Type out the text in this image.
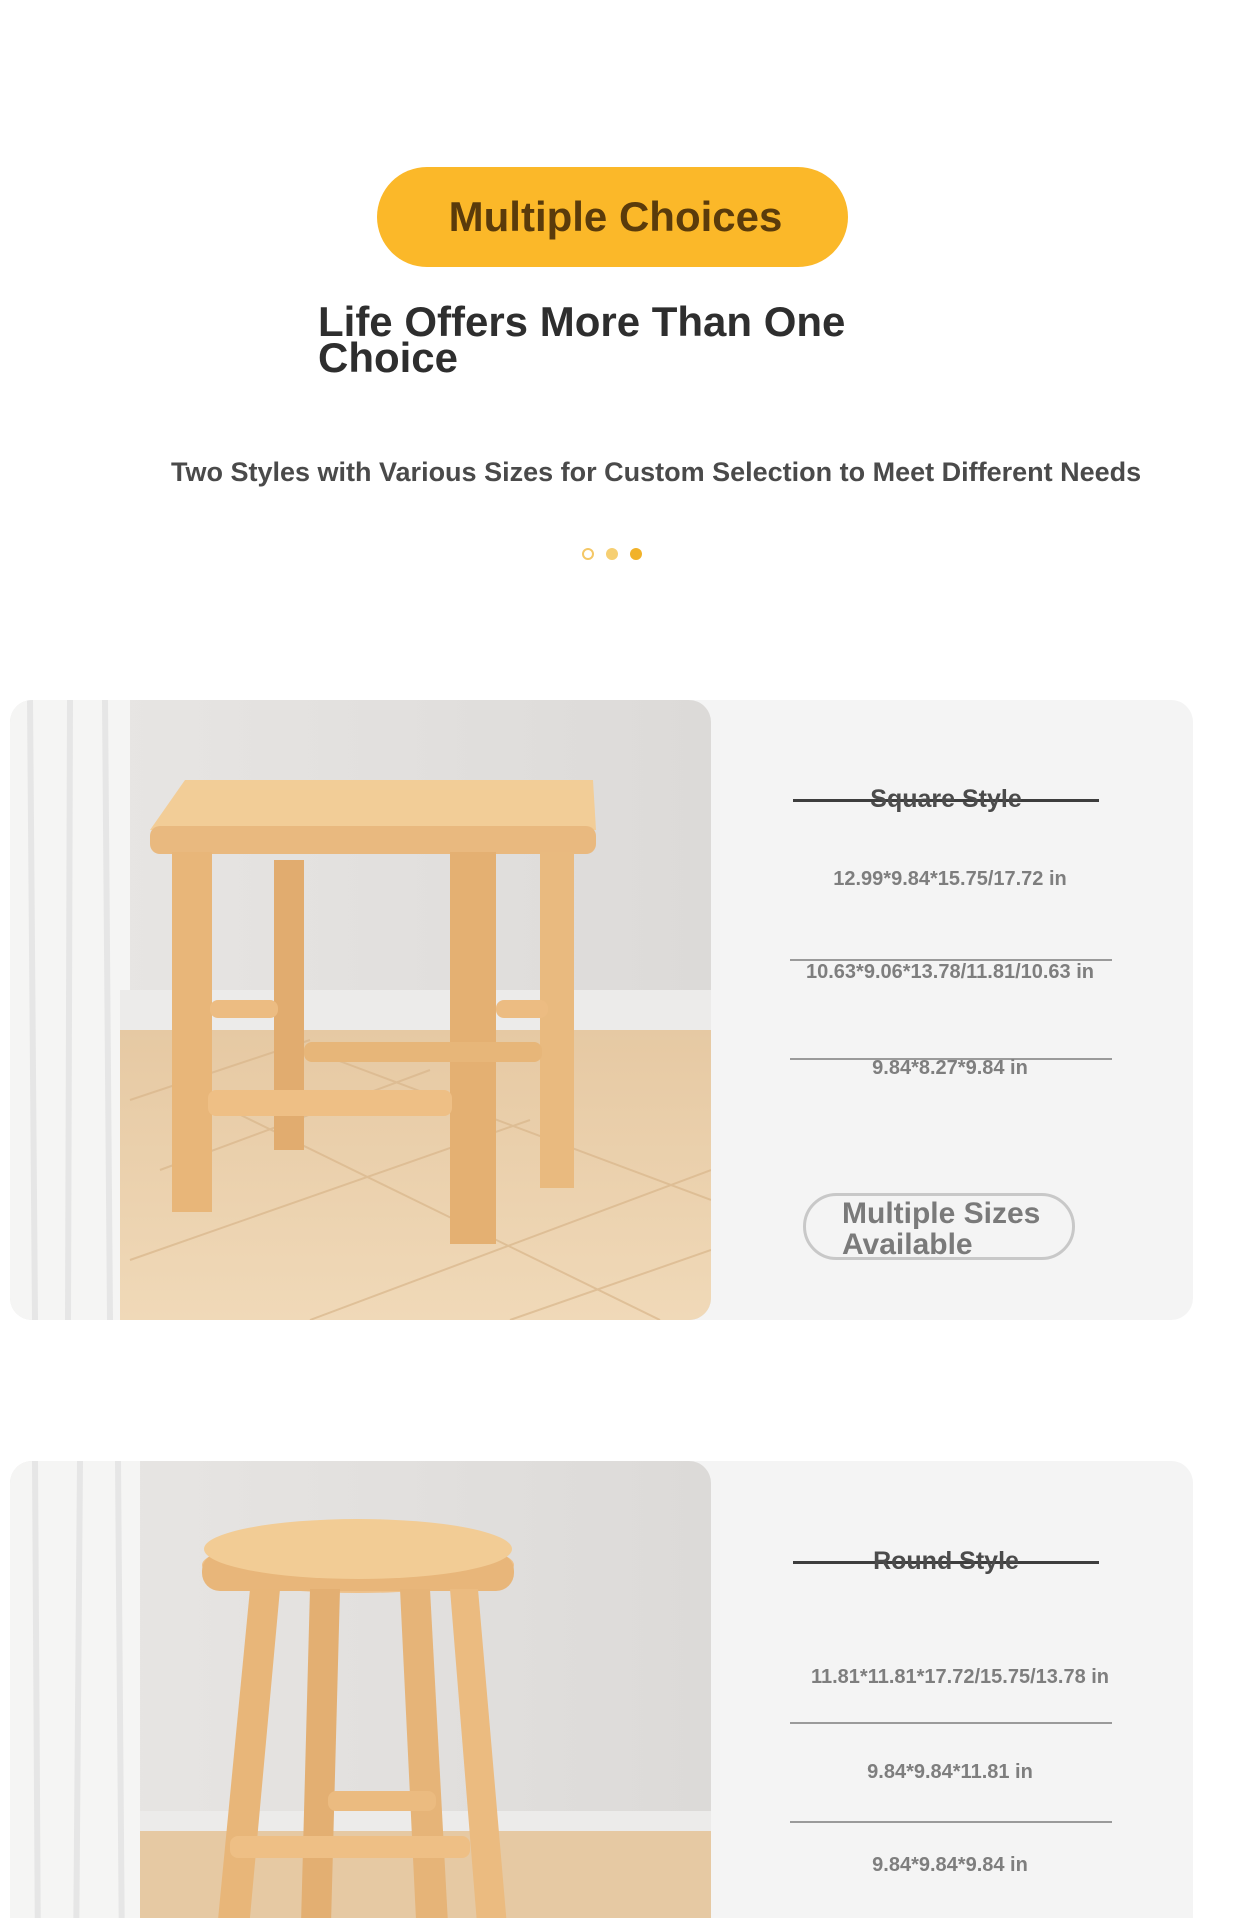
Multiple Choices
Life Offers More Than One Choice
Two Styles with Various Sizes for Custom Selection to Meet Different Needs
Square Style
12.99*9.84*15.75/17.72 in
10.63*9.06*13.78/11.81/10.63 in
9.84*8.27*9.84 in
Multiple Sizes Available
Round Style
11.81*11.81*17.72/15.75/13.78 in
9.84*9.84*11.81 in
9.84*9.84*9.84 in
